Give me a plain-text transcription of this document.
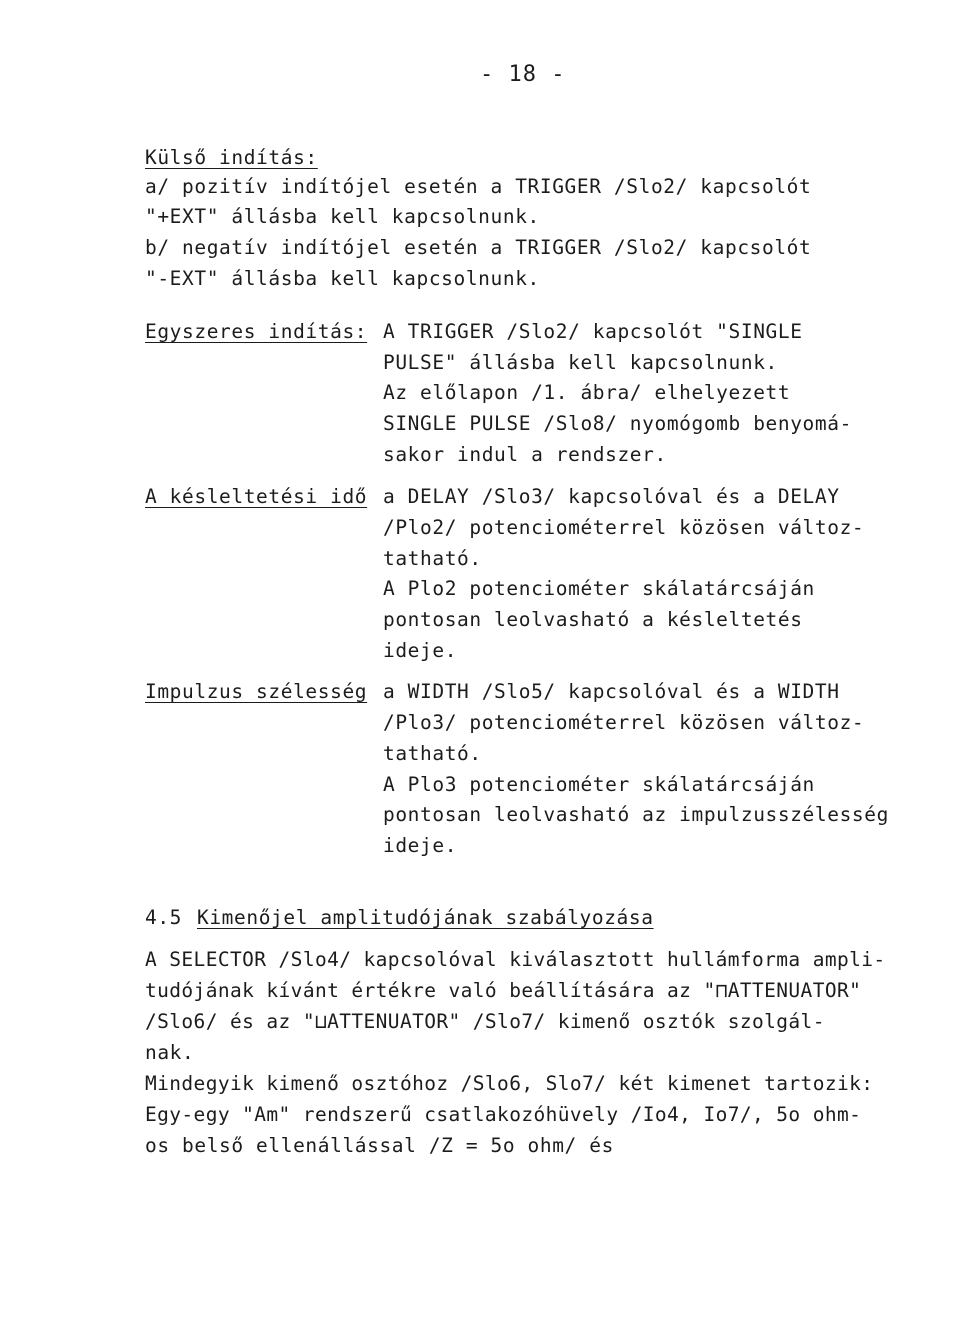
- 18 -
Külső indítás:
a/ pozitív indítójel esetén a TRIGGER /Slo2/ kapcsolót
"+EXT" állásba kell kapcsolnunk.
b/ negatív indítójel esetén a TRIGGER /Slo2/ kapcsolót
"-EXT" állásba kell kapcsolnunk.
Egyszeres indítás: A TRIGGER /Slo2/ kapcsolót "SINGLE
PULSE" állásba kell kapcsolnunk.
Az előlapon /1. ábra/ elhelyezett
SINGLE PULSE /Slo8/ nyomógomb benyomá-
sakor indul a rendszer.
A késleltetési idő a DELAY /Slo3/ kapcsolóval és a DELAY
/Plo2/ potenciométerrel közösen változ-
tatható.
A Plo2 potenciométer skálatárcsáján
pontosan leolvasható a késleltetés
ideje.
Impulzus szélesség a WIDTH /Slo5/ kapcsolóval és a WIDTH
/Plo3/ potenciométerrel közösen változ-
tatható.
A Plo3 potenciométer skálatárcsáján
pontosan leolvasható az impulzusszélesség
ideje.
4.5 Kimenőjel amplitudójának szabályozása
A SELECTOR /Slo4/ kapcsolóval kiválasztott hullámforma ampli-
tudójának kívánt értékre való beállítására az "⊓ATTENUATOR"
/Slo6/ és az "⊔ATTENUATOR" /Slo7/ kimenő osztók szolgál-
nak.
Mindegyik kimenő osztóhoz /Slo6, Slo7/ két kimenet tartozik:
Egy-egy "Am" rendszerű csatlakozóhüvely /Io4, Io7/, 5o ohm-
os belső ellenállással /Z = 5o ohm/ és
